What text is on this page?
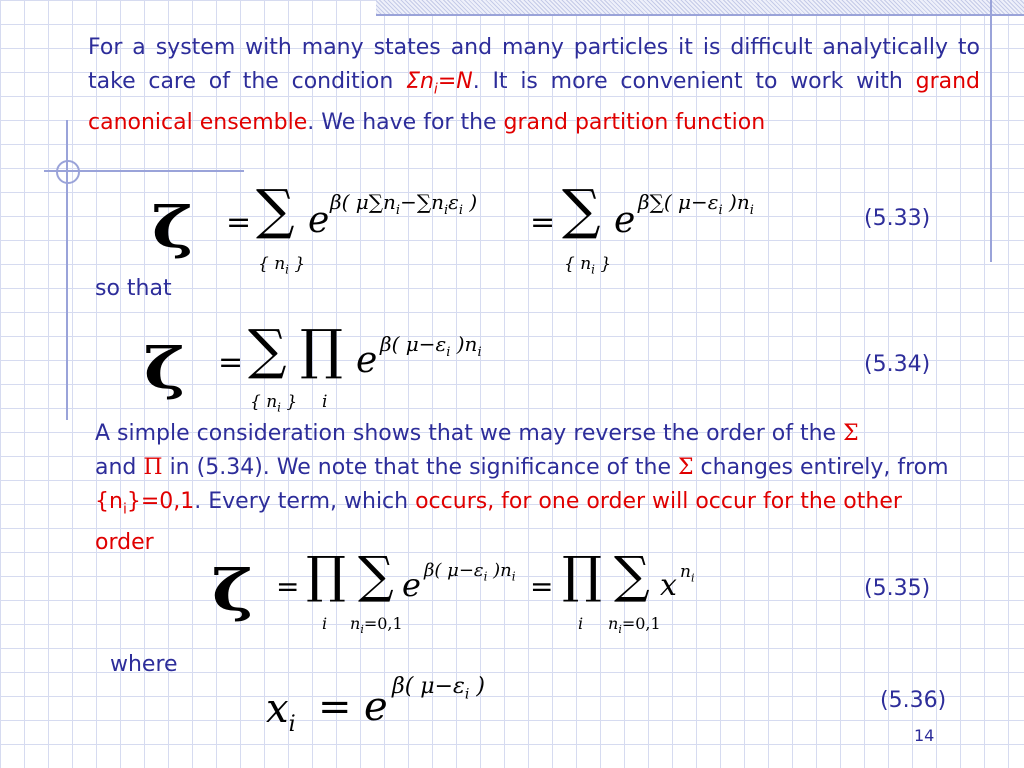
For a system with many states and many particles it is difficult analytically to take care of the condition $\Sigma n_i=N$. It is more convenient to work with grand canonical ensemble. We have for the grand partition function
ζ = ∑
{ $n_i$ }
e β( $\mu\sum n_i-\sum n_i\varepsilon_i$ )
= ∑
{ $n_i$ }
e β∑( $\mu-\varepsilon_i$ )$n_i$	(5.33)
so that
ζ = ∑ ∏
{ $n_i$ } i
e β( $\mu-\varepsilon_i$ )$n_i$	(5.34)
A simple consideration shows that we may reverse the order of the Σ
and Π in (5.34). We note that the significance of the Σ changes entirely, from $\{n_i\}=0,1$. Every term, which occurs, for one order will occur for the other order
ζ = ∏
i
∑
$n_i=0,1$
e β( $\mu-\varepsilon_i$ )$n_i$ = ∏
i
∑
$n_i=0,1$
x $n_i$	(5.35)
where
$x_i = e$ β( $\mu-\varepsilon_i$ )
(5.36)
14
